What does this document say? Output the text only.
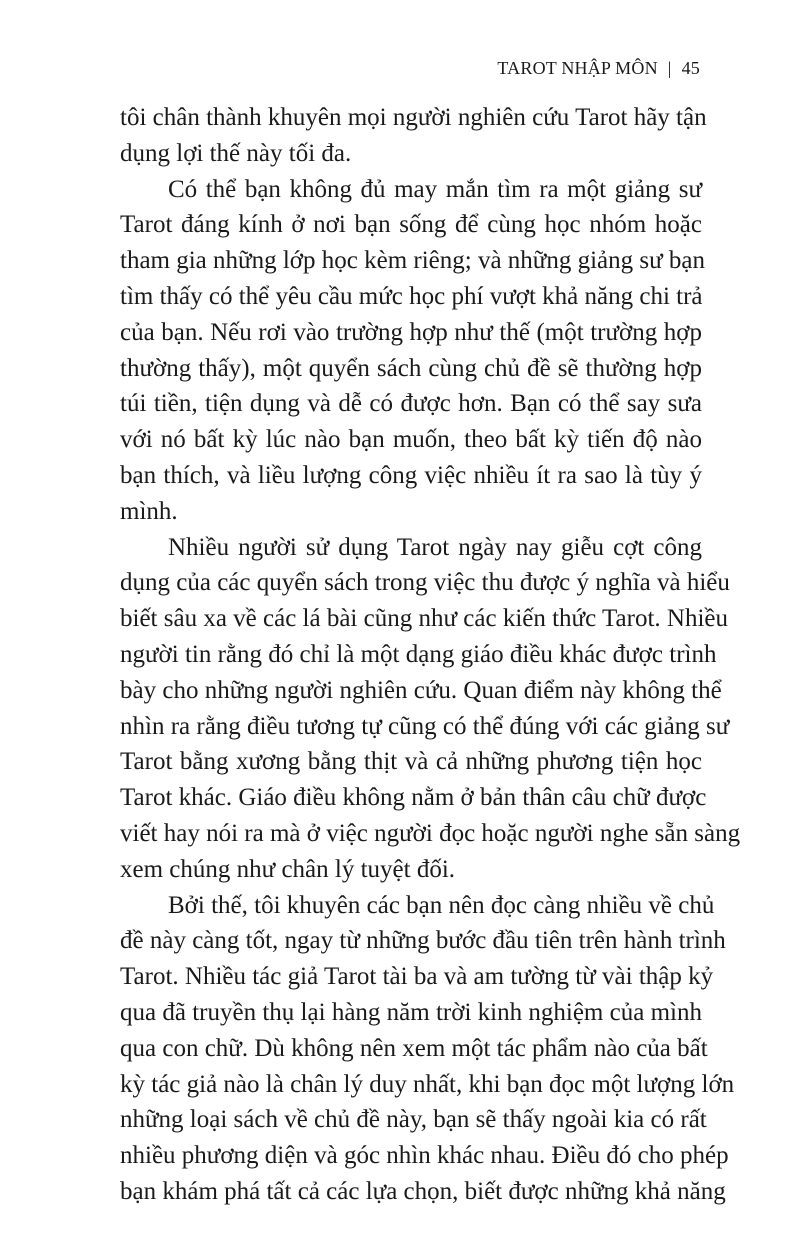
TAROT NHẬP MÔN | 45
tôi chân thành khuyên mọi người nghiên cứu Tarot hãy tận
dụng lợi thế này tối đa.
Có thể bạn không đủ may mắn tìm ra một giảng sư
Tarot đáng kính ở nơi bạn sống để cùng học nhóm hoặc
tham gia những lớp học kèm riêng; và những giảng sư bạn
tìm thấy có thể yêu cầu mức học phí vượt khả năng chi trả
của bạn. Nếu rơi vào trường hợp như thế (một trường hợp
thường thấy), một quyển sách cùng chủ đề sẽ thường hợp
túi tiền, tiện dụng và dễ có được hơn. Bạn có thể say sưa
với nó bất kỳ lúc nào bạn muốn, theo bất kỳ tiến độ nào
bạn thích, và liều lượng công việc nhiều ít ra sao là tùy ý
mình.
Nhiều người sử dụng Tarot ngày nay giễu cợt công
dụng của các quyển sách trong việc thu được ý nghĩa và hiểu
biết sâu xa về các lá bài cũng như các kiến thức Tarot. Nhiều
người tin rằng đó chỉ là một dạng giáo điều khác được trình
bày cho những người nghiên cứu. Quan điểm này không thể
nhìn ra rằng điều tương tự cũng có thể đúng với các giảng sư
Tarot bằng xương bằng thịt và cả những phương tiện học
Tarot khác. Giáo điều không nằm ở bản thân câu chữ được
viết hay nói ra mà ở việc người đọc hoặc người nghe sẵn sàng
xem chúng như chân lý tuyệt đối.
Bởi thế, tôi khuyên các bạn nên đọc càng nhiều về chủ
đề này càng tốt, ngay từ những bước đầu tiên trên hành trình
Tarot. Nhiều tác giả Tarot tài ba và am tường từ vài thập kỷ
qua đã truyền thụ lại hàng năm trời kinh nghiệm của mình
qua con chữ. Dù không nên xem một tác phẩm nào của bất
kỳ tác giả nào là chân lý duy nhất, khi bạn đọc một lượng lớn
những loại sách về chủ đề này, bạn sẽ thấy ngoài kia có rất
nhiều phương diện và góc nhìn khác nhau. Điều đó cho phép
bạn khám phá tất cả các lựa chọn, biết được những khả năng
